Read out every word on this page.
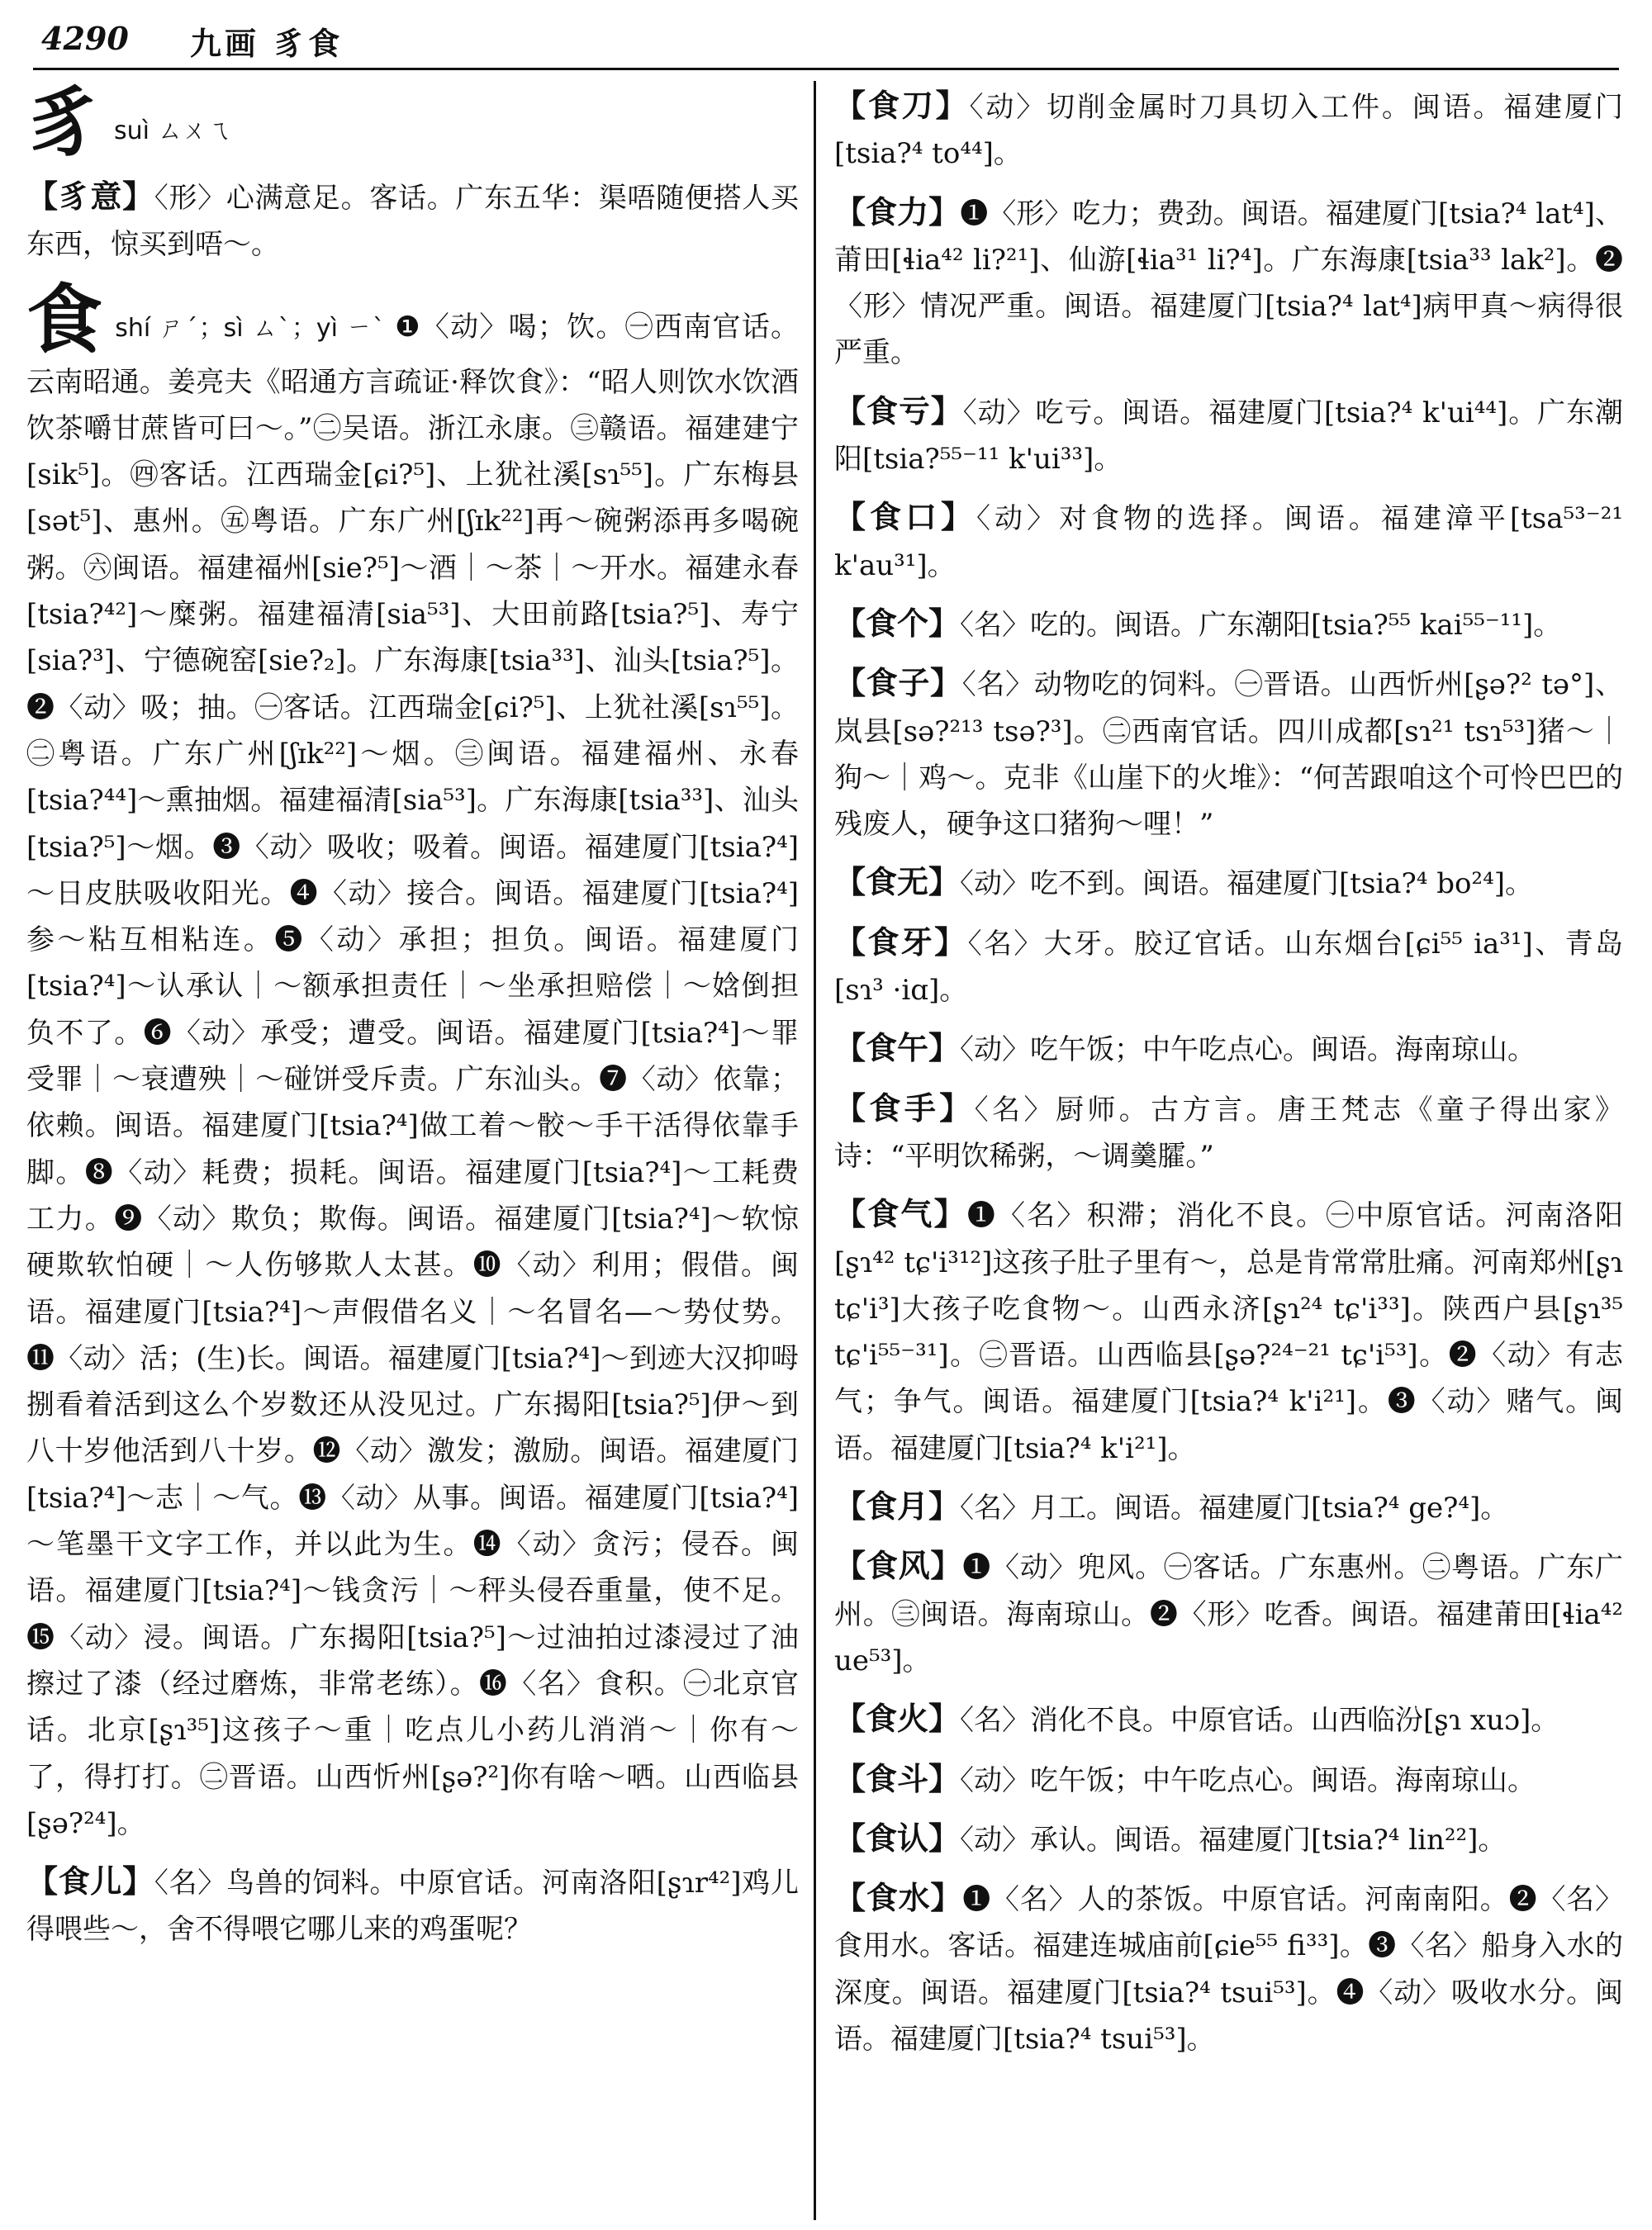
4290 九画 豸食
豸suì ㄙㄨㄟ
【豸意】〈形〉心满意足。客话。广东五华：渠唔随便搭人买东西，惊买到唔～。
食shí ㄕˊ；sì ㄙˋ；yì ㄧˋ ❶〈动〉喝；饮。㊀西南官话。云南昭通。姜亮夫《昭通方言疏证·释饮食》：“昭人则饮水饮酒饮茶嚼甘蔗皆可曰～。”㊁吴语。浙江永康。㊂赣语。福建建宁[sik⁵]。㊃客话。江西瑞金[ɕi?⁵]、上犹社溪[sɿ⁵⁵]。广东梅县[sət⁵]、惠州。㊄粤语。广东广州[ʃɪk²²]再～碗粥添再多喝碗粥。㊅闽语。福建福州[sie?⁵]～酒｜～茶｜～开水。福建永春[tsia?⁴²]～糜粥。福建福清[sia⁵³]、大田前路[tsia?⁵]、寿宁[sia?³]、宁德碗窑[sie?₂]。广东海康[tsia³³]、汕头[tsia?⁵]。❷〈动〉吸；抽。㊀客话。江西瑞金[ɕi?⁵]、上犹社溪[sɿ⁵⁵]。㊁粤语。广东广州[ʃɪk²²]～烟。㊂闽语。福建福州、永春[tsia?⁴⁴]～熏抽烟。福建福清[sia⁵³]。广东海康[tsia³³]、汕头[tsia?⁵]～烟。❸〈动〉吸收；吸着。闽语。福建厦门[tsia?⁴]～日皮肤吸收阳光。❹〈动〉接合。闽语。福建厦门[tsia?⁴]参～粘互相粘连。❺〈动〉承担；担负。闽语。福建厦门[tsia?⁴]～认承认｜～额承担责任｜～坐承担赔偿｜～娢倒担负不了。❻〈动〉承受；遭受。闽语。福建厦门[tsia?⁴]～罪受罪｜～衰遭殃｜～碰饼受斥责。广东汕头。❼〈动〉依靠；依赖。闽语。福建厦门[tsia?⁴]做工着～骹～手干活得依靠手脚。❽〈动〉耗费；损耗。闽语。福建厦门[tsia?⁴]～工耗费工力。❾〈动〉欺负；欺侮。闽语。福建厦门[tsia?⁴]～软惊硬欺软怕硬｜～人伤够欺人太甚。❿〈动〉利用；假借。闽语。福建厦门[tsia?⁴]～声假借名义｜～名冒名—～势仗势。⓫〈动〉活；(生)长。闽语。福建厦门[tsia?⁴]～到迹大汉抑呣捌看着活到这么个岁数还从没见过。广东揭阳[tsia?⁵]伊～到八十岁他活到八十岁。⓬〈动〉激发；激励。闽语。福建厦门[tsia?⁴]～志｜～气。⓭〈动〉从事。闽语。福建厦门[tsia?⁴]～笔墨干文字工作，并以此为生。⓮〈动〉贪污；侵吞。闽语。福建厦门[tsia?⁴]～钱贪污｜～秤头侵吞重量，使不足。⓯〈动〉浸。闽语。广东揭阳[tsia?⁵]～过油拍过漆浸过了油擦过了漆（经过磨炼，非常老练）。⓰〈名〉食积。㊀北京官话。北京[ʂɿ³⁵]这孩子～重｜吃点儿小药儿消消～｜你有～了，得打打。㊁晋语。山西忻州[ʂə?²]你有啥～哂。山西临县[ʂə?²⁴]。
【食儿】〈名〉鸟兽的饲料。中原官话。河南洛阳[ʂɿr⁴²]鸡儿得喂些～，舍不得喂它哪儿来的鸡蛋呢？
【食刀】〈动〉切削金属时刀具切入工件。闽语。福建厦门[tsia?⁴ to⁴⁴]。
【食力】❶〈形〉吃力；费劲。闽语。福建厦门[tsia?⁴ lat⁴]、莆田[ɬia⁴² li?²¹]、仙游[ɬia³¹ li?⁴]。广东海康[tsia³³ lak²]。❷〈形〉情况严重。闽语。福建厦门[tsia?⁴ lat⁴]病甲真～病得很严重。
【食亏】〈动〉吃亏。闽语。福建厦门[tsia?⁴ k'ui⁴⁴]。广东潮阳[tsia?⁵⁵⁻¹¹ k'ui³³]。
【食口】〈动〉对食物的选择。闽语。福建漳平[tsa⁵³⁻²¹ k'au³¹]。
【食个】〈名〉吃的。闽语。广东潮阳[tsia?⁵⁵ kai⁵⁵⁻¹¹]。
【食子】〈名〉动物吃的饲料。㊀晋语。山西忻州[ʂə?² tə°]、岚县[sə?²¹³ tsə?³]。㊁西南官话。四川成都[sɿ²¹ tsɿ⁵³]猪～｜狗～｜鸡～。克非《山崖下的火堆》：“何苦跟咱这个可怜巴巴的残废人，硬争这口猪狗～哩！”
【食无】〈动〉吃不到。闽语。福建厦门[tsia?⁴ bo²⁴]。
【食牙】〈名〉大牙。胶辽官话。山东烟台[ɕi⁵⁵ ia³¹]、青岛[sɿ³ ·iɑ]。
【食午】〈动〉吃午饭；中午吃点心。闽语。海南琼山。
【食手】〈名〉厨师。古方言。唐王梵志《童子得出家》诗：“平明饮稀粥，～调羹臛。”
【食气】❶〈名〉积滞；消化不良。㊀中原官话。河南洛阳[ʂɿ⁴² tɕ'i³¹²]这孩子肚子里有～，总是肯常常肚痛。河南郑州[ʂɿ tɕ'i³]大孩子吃食物～。山西永济[ʂɿ²⁴ tɕ'i³³]。陕西户县[ʂɿ³⁵ tɕ'i⁵⁵⁻³¹]。㊁晋语。山西临县[ʂə?²⁴⁻²¹ tɕ'i⁵³]。❷〈动〉有志气；争气。闽语。福建厦门[tsia?⁴ k'i²¹]。❸〈动〉赌气。闽语。福建厦门[tsia?⁴ k'i²¹]。
【食月】〈名〉月工。闽语。福建厦门[tsia?⁴ ge?⁴]。
【食风】❶〈动〉兜风。㊀客话。广东惠州。㊁粤语。广东广州。㊂闽语。海南琼山。❷〈形〉吃香。闽语。福建莆田[ɬia⁴² ue⁵³]。
【食火】〈名〉消化不良。中原官话。山西临汾[ʂɿ xuɔ]。
【食斗】〈动〉吃午饭；中午吃点心。闽语。海南琼山。
【食认】〈动〉承认。闽语。福建厦门[tsia?⁴ lin²²]。
【食水】❶〈名〉人的茶饭。中原官话。河南南阳。❷〈名〉食用水。客话。福建连城庙前[ɕie⁵⁵ fi³³]。❸〈名〉船身入水的深度。闽语。福建厦门[tsia?⁴ tsui⁵³]。❹〈动〉吸收水分。闽语。福建厦门[tsia?⁴ tsui⁵³]。
